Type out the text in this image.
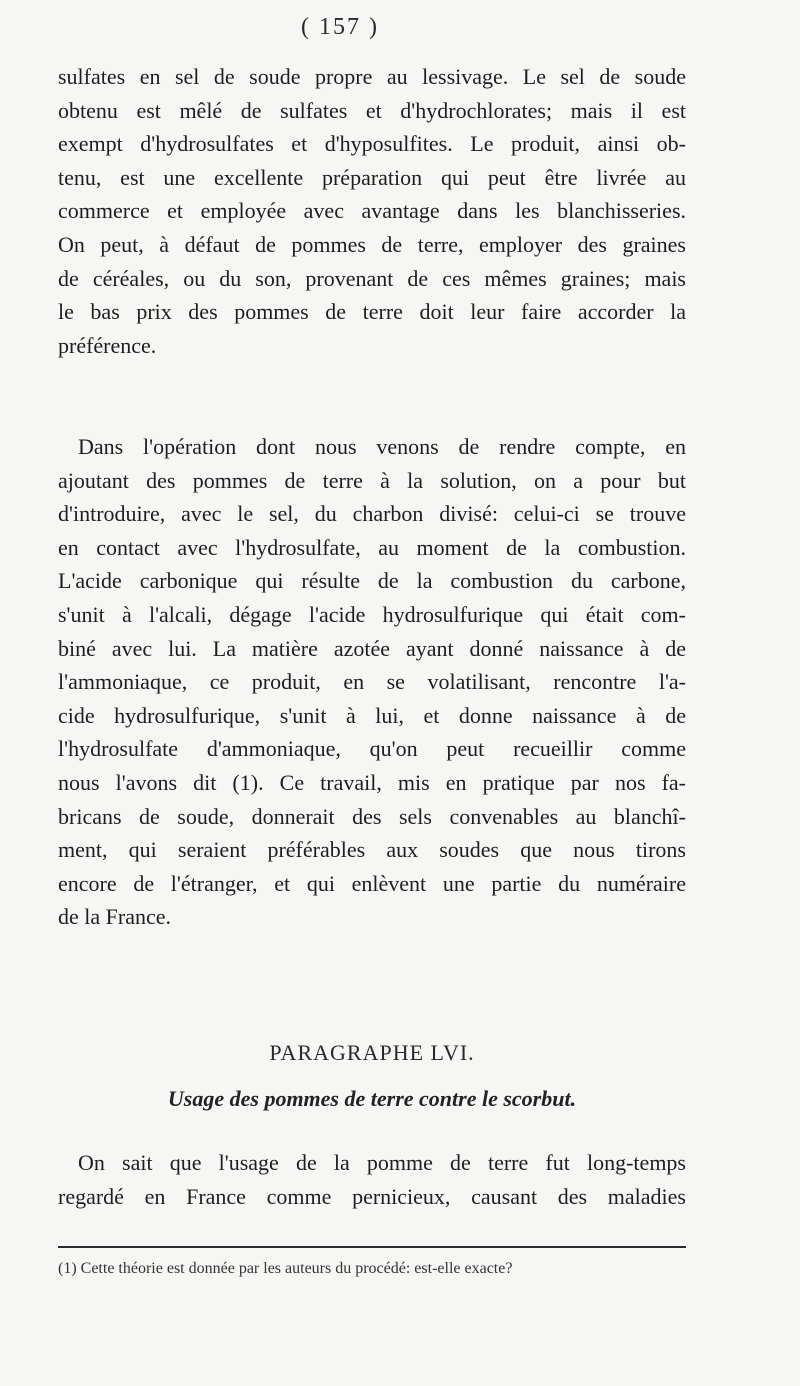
( 157 )
sulfates en sel de soude propre au lessivage. Le sel de soude
obtenu est mêlé de sulfates et d'hydrochlorates; mais il est
exempt d'hydrosulfates et d'hyposulfites. Le produit, ainsi ob-
tenu, est une excellente préparation qui peut être livrée au
commerce et employée avec avantage dans les blanchisseries.
On peut, à défaut de pommes de terre, employer des graines
de céréales, ou du son, provenant de ces mêmes graines; mais
le bas prix des pommes de terre doit leur faire accorder la
préférence.
Dans l'opération dont nous venons de rendre compte, en
ajoutant des pommes de terre à la solution, on a pour but
d'introduire, avec le sel, du charbon divisé: celui-ci se trouve
en contact avec l'hydrosulfate, au moment de la combustion.
L'acide carbonique qui résulte de la combustion du carbone,
s'unit à l'alcali, dégage l'acide hydrosulfurique qui était com-
biné avec lui. La matière azotée ayant donné naissance à de
l'ammoniaque, ce produit, en se volatilisant, rencontre l'a-
cide hydrosulfurique, s'unit à lui, et donne naissance à de
l'hydrosulfate d'ammoniaque, qu'on peut recueillir comme
nous l'avons dit (1). Ce travail, mis en pratique par nos fa-
bricans de soude, donnerait des sels convenables au blanchî-
ment, qui seraient préférables aux soudes que nous tirons
encore de l'étranger, et qui enlèvent une partie du numéraire
de la France.
PARAGRAPHE LVI.
Usage des pommes de terre contre le scorbut.
On sait que l'usage de la pomme de terre fut long-temps
regardé en France comme pernicieux, causant des maladies
(1) Cette théorie est donnée par les auteurs du procédé: est-elle exacte?
